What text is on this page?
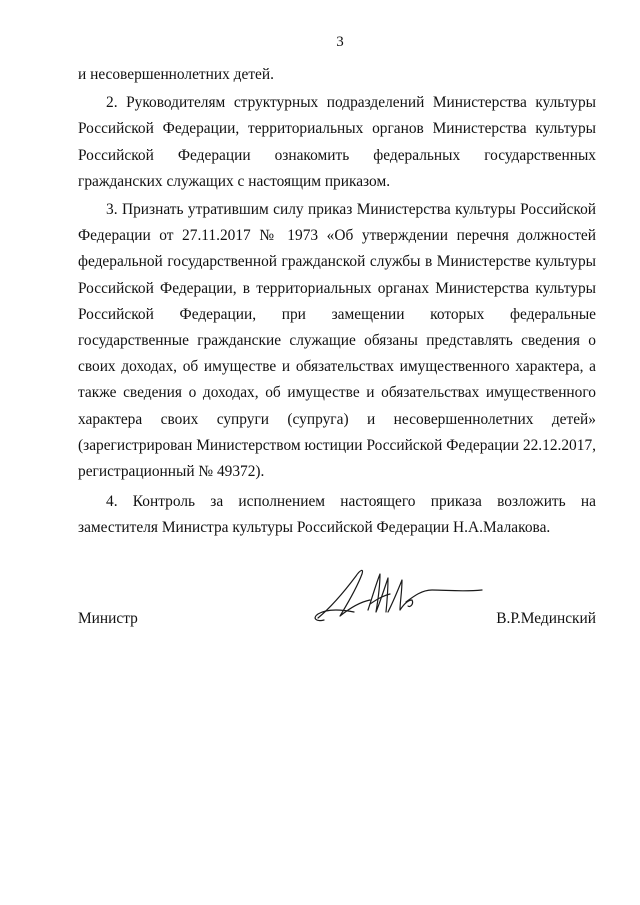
3

и несовершеннолетних детей.

2. Руководителям структурных подразделений Министерства культуры Российской Федерации, территориальных органов Министерства культуры Российской Федерации ознакомить федеральных государственных гражданских служащих с настоящим приказом.

3. Признать утратившим силу приказ Министерства культуры Российской Федерации от 27.11.2017 № 1973 «Об утверждении перечня должностей федеральной государственной гражданской службы в Министерстве культуры Российской Федерации, в территориальных органах Министерства культуры Российской Федерации, при замещении которых федеральные государственные гражданские служащие обязаны представлять сведения о своих доходах, об имуществе и обязательствах имущественного характера, а также сведения о доходах, об имуществе и обязательствах имущественного характера своих супруги (супруга) и несовершеннолетних детей» (зарегистрирован Министерством юстиции Российской Федерации 22.12.2017, регистрационный № 49372).

4. Контроль за исполнением настоящего приказа возложить на заместителя Министра культуры Российской Федерации Н.А.Малакова.

Министр	В.Р.Мединский
